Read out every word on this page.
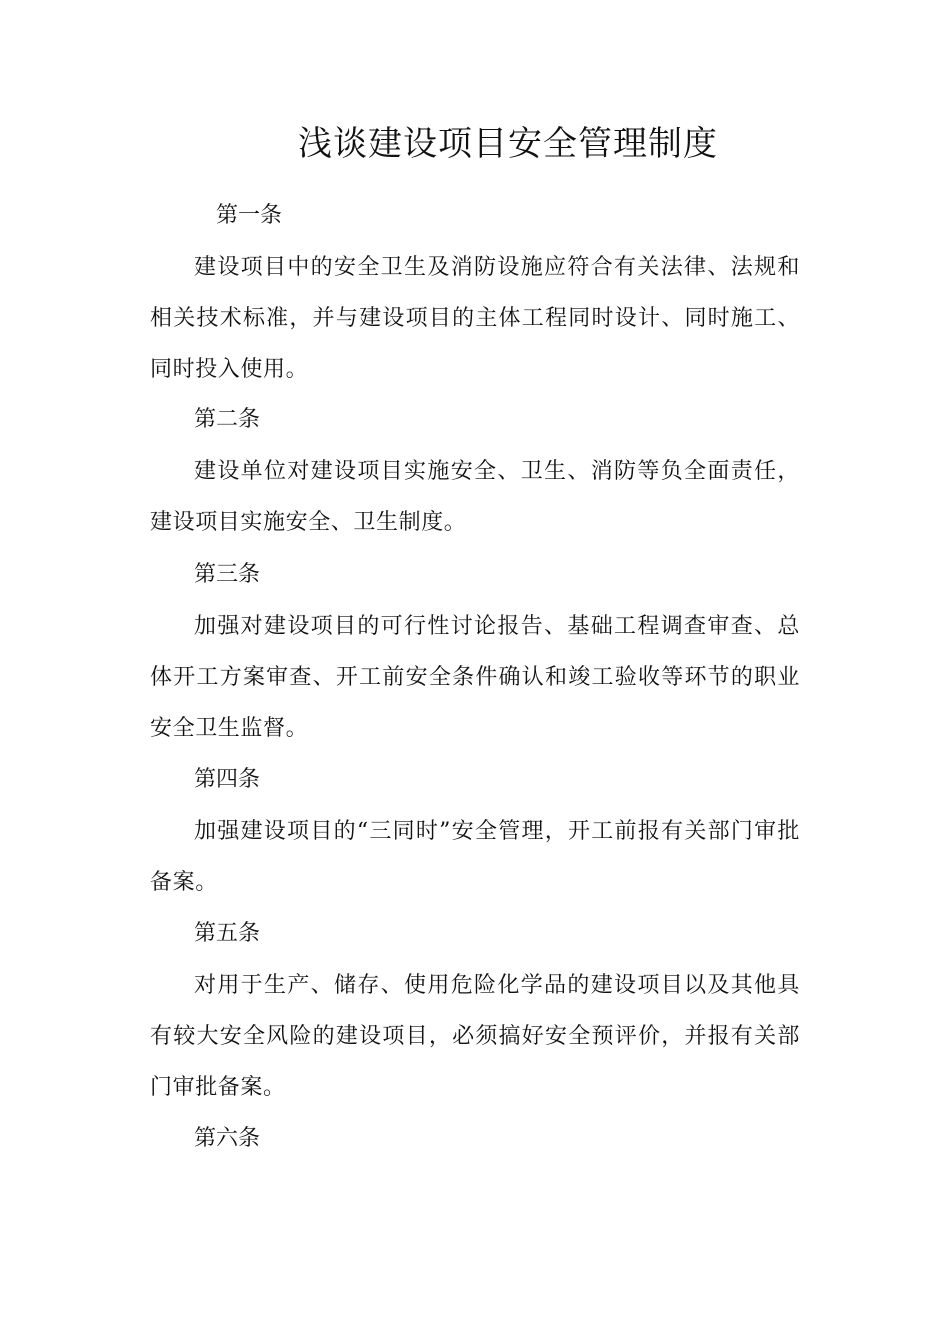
浅谈建设项目安全管理制度
第一条
建设项目中的安全卫生及消防设施应符合有关法律、法规和相关技术标准，并与建设项目的主体工程同时设计、同时施工、同时投入使用。
第二条
建设单位对建设项目实施安全、卫生、消防等负全面责任，建设项目实施安全、卫生制度。
第三条
加强对建设项目的可行性讨论报告、基础工程调查审查、总体开工方案审查、开工前安全条件确认和竣工验收等环节的职业安全卫生监督。
第四条
加强建设项目的“三同时”安全管理，开工前报有关部门审批备案。
第五条
对用于生产、储存、使用危险化学品的建设项目以及其他具有较大安全风险的建设项目，必须搞好安全预评价，并报有关部门审批备案。
第六条
